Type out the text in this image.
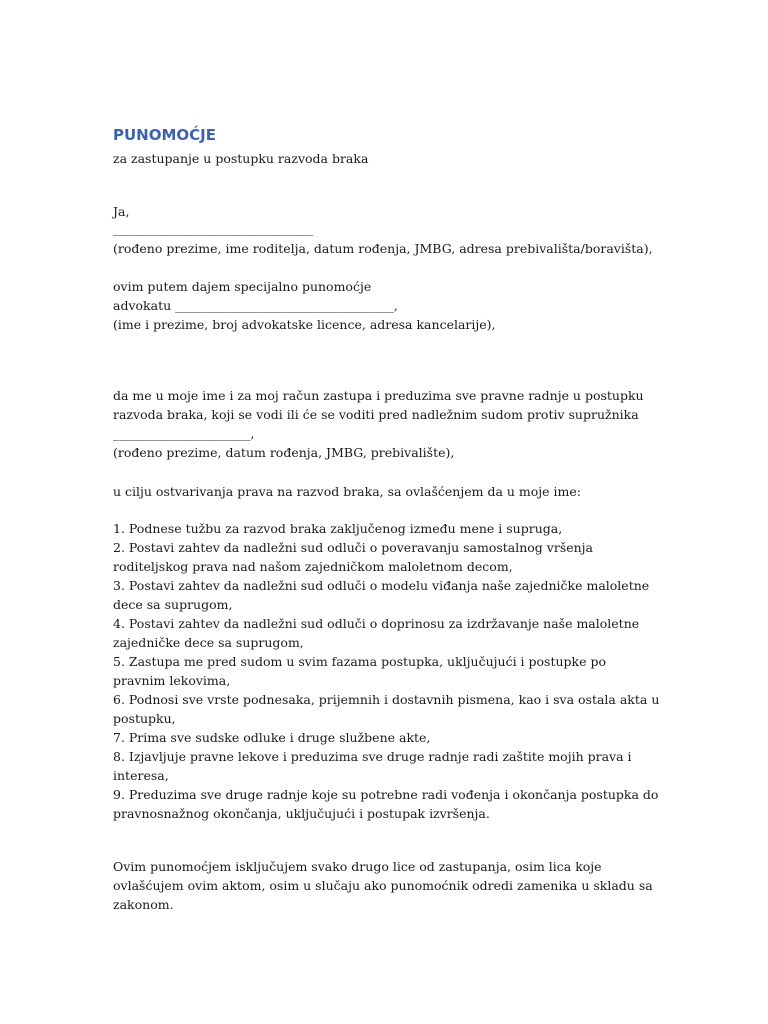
PUNOMOĆJE
za zastupanje u postupku razvoda braka
Ja,
________________________________
(rođeno prezime, ime roditelja, datum rođenja, JMBG, adresa prebivališta/boravišta),
ovim putem dajem specijalno punomoćje
advokatu ___________________________________,
(ime i prezime, broj advokatske licence, adresa kancelarije),
da me u moje ime i za moj račun zastupa i preduzima sve pravne radnje u postupku razvoda braka, koji se vodi ili će se voditi pred nadležnim sudom protiv supružnika
______________________,
(rođeno prezime, datum rođenja, JMBG, prebivalište),
u cilju ostvarivanja prava na razvod braka, sa ovlašćenjem da u moje ime:
1. Podnese tužbu za razvod braka zaključenog između mene i supruga,
2. Postavi zahtev da nadležni sud odluči o poveravanju samostalnog vršenja roditeljskog prava nad našom zajedničkom maloletnom decom,
3. Postavi zahtev da nadležni sud odluči o modelu viđanja naše zajedničke maloletne dece sa suprugom,
4. Postavi zahtev da nadležni sud odluči o doprinosu za izdržavanje naše maloletne zajedničke dece sa suprugom,
5. Zastupa me pred sudom u svim fazama postupka, uključujući i postupke po pravnim lekovima,
6. Podnosi sve vrste podnesaka, prijemnih i dostavnih pismena, kao i sva ostala akta u postupku,
7. Prima sve sudske odluke i druge službene akte,
8. Izjavljuje pravne lekove i preduzima sve druge radnje radi zaštite mojih prava i interesa,
9. Preduzima sve druge radnje koje su potrebne radi vođenja i okončanja postupka do pravnosnažnog okončanja, uključujući i postupak izvršenja.
Ovim punomoćjem isključujem svako drugo lice od zastupanja, osim lica koje ovlašćujem ovim aktom, osim u slučaju ako punomoćnik odredi zamenika u skladu sa zakonom.
